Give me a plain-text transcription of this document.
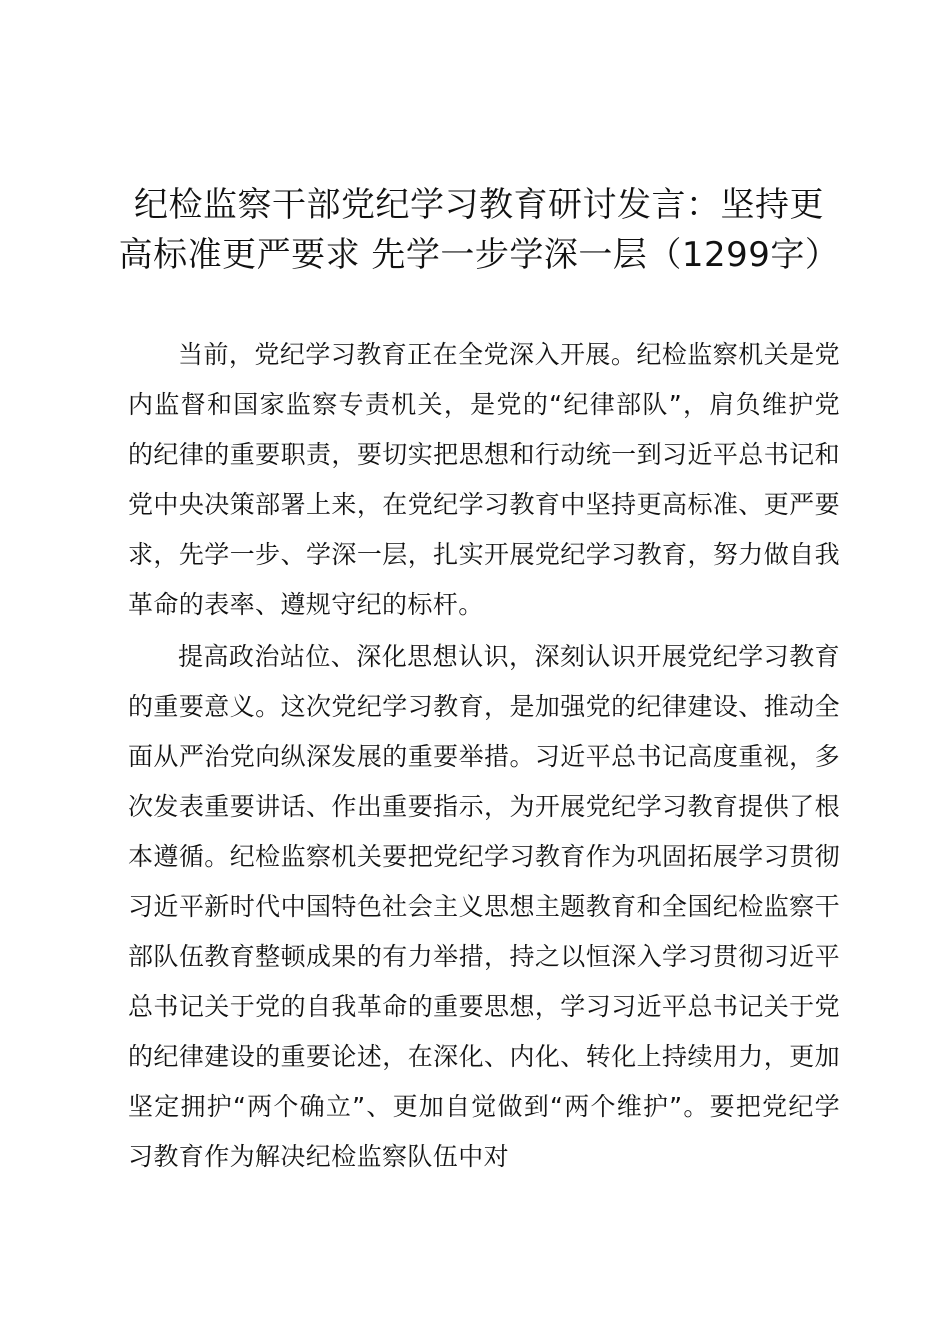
纪检监察干部党纪学习教育研讨发言：坚持更高标准更严要求 先学一步学深一层（1299字）

当前，党纪学习教育正在全党深入开展。纪检监察机关是党内监督和国家监察专责机关，是党的“纪律部队”，肩负维护党的纪律的重要职责，要切实把思想和行动统一到习近平总书记和党中央决策部署上来，在党纪学习教育中坚持更高标准、更严要求，先学一步、学深一层，扎实开展党纪学习教育，努力做自我革命的表率、遵规守纪的标杆。

提高政治站位、深化思想认识，深刻认识开展党纪学习教育的重要意义。这次党纪学习教育，是加强党的纪律建设、推动全面从严治党向纵深发展的重要举措。习近平总书记高度重视，多次发表重要讲话、作出重要指示，为开展党纪学习教育提供了根本遵循。纪检监察机关要把党纪学习教育作为巩固拓展学习贯彻习近平新时代中国特色社会主义思想主题教育和全国纪检监察干部队伍教育整顿成果的有力举措，持之以恒深入学习贯彻习近平总书记关于党的自我革命的重要思想，学习习近平总书记关于党的纪律建设的重要论述，在深化、内化、转化上持续用力，更加坚定拥护“两个确立”、更加自觉做到“两个维护”。要把党纪学习教育作为解决纪检监察队伍中对
